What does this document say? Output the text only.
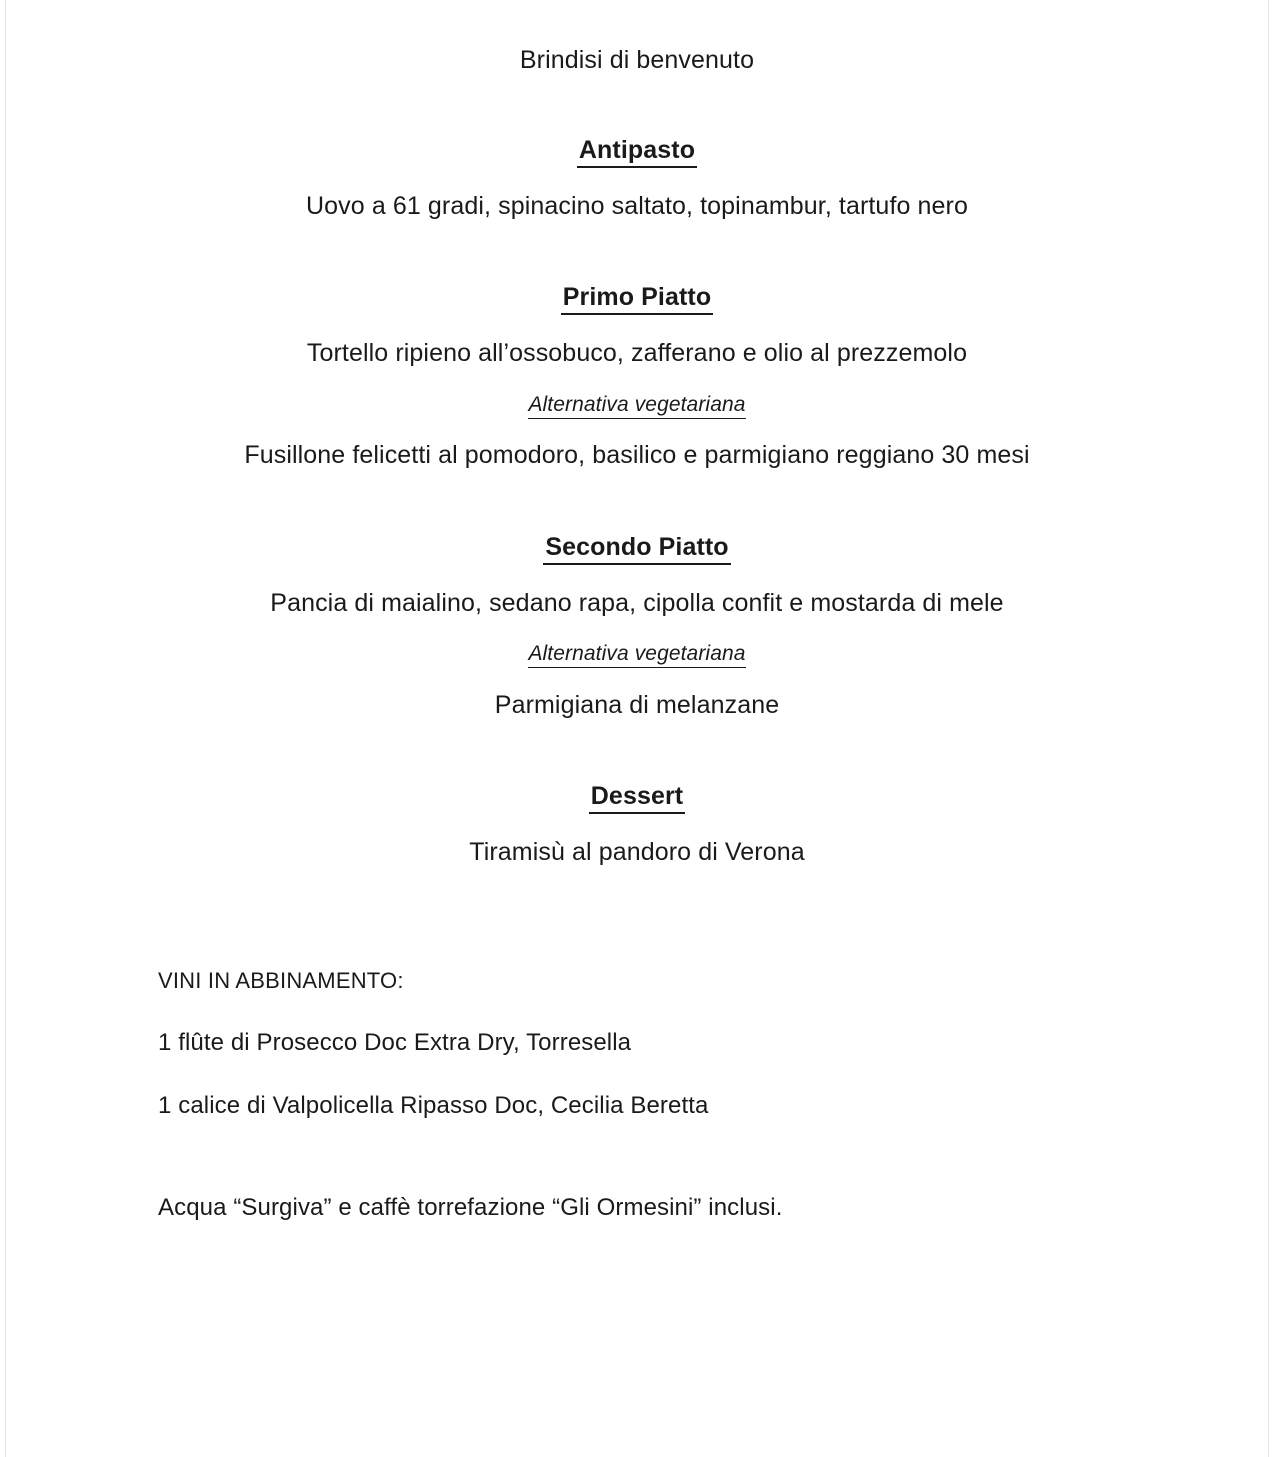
Brindisi di benvenuto
Antipasto
Uovo a 61 gradi, spinacino saltato, topinambur, tartufo nero
Primo Piatto
Tortello ripieno all’ossobuco, zafferano e olio al prezzemolo
Alternativa vegetariana
Fusillone felicetti al pomodoro, basilico e parmigiano reggiano 30 mesi
Secondo Piatto
Pancia di maialino, sedano rapa, cipolla confit e mostarda di mele
Alternativa vegetariana
Parmigiana di melanzane
Dessert
Tiramisù al pandoro di Verona
VINI IN ABBINAMENTO:
1 flûte di Prosecco Doc Extra Dry, Torresella
1 calice di Valpolicella Ripasso Doc, Cecilia Beretta
Acqua “Surgiva” e caffè torrefazione “Gli Ormesini” inclusi.
